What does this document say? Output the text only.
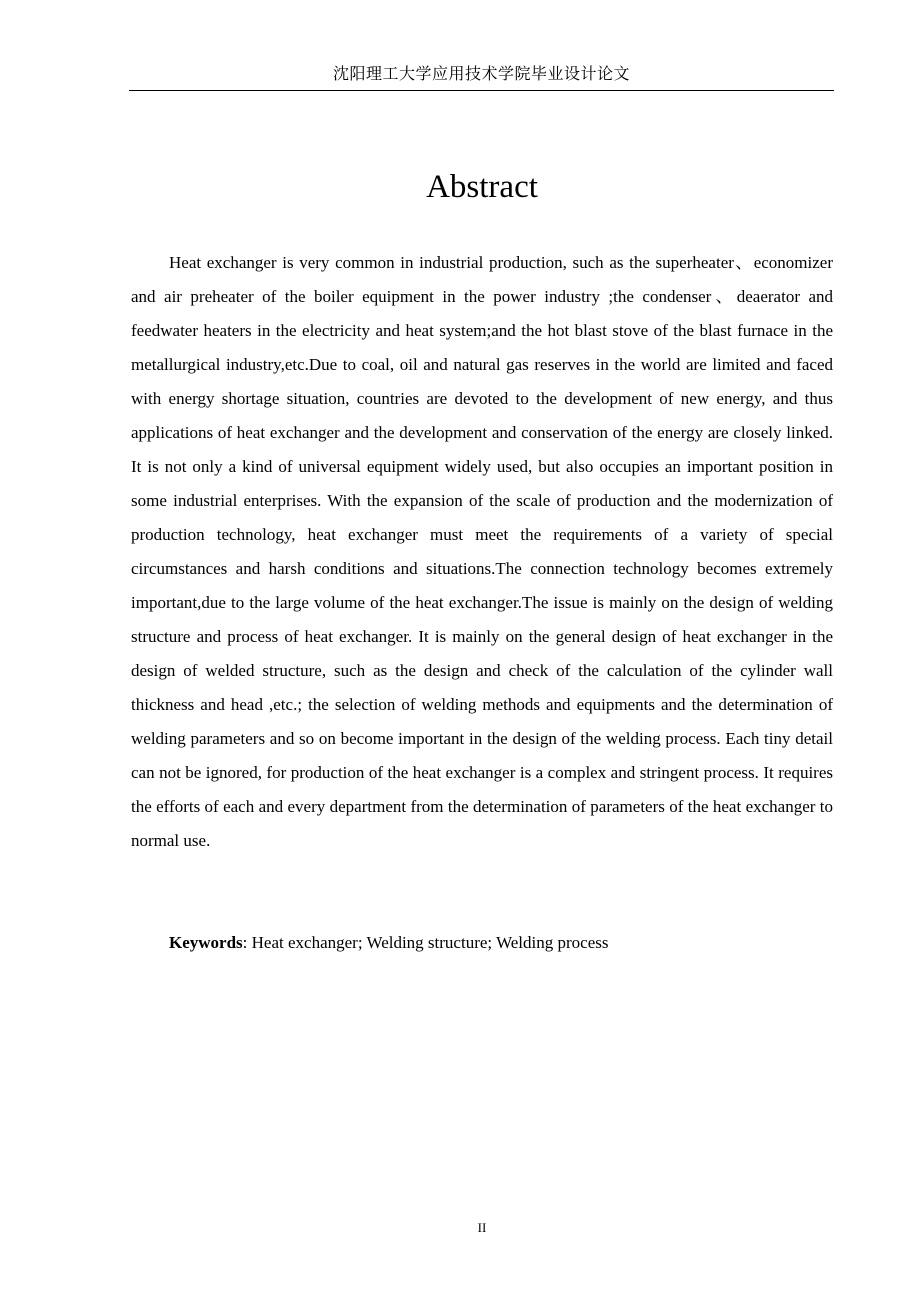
沈阳理工大学应用技术学院毕业设计论文
Abstract

Heat exchanger is very common in industrial production, such as the superheater、economizer and air preheater of the boiler equipment in the power industry ;the condenser、deaerator and feedwater heaters in the electricity and heat system;and the hot blast stove of the blast furnace in the metallurgical industry,etc.Due to coal, oil and natural gas reserves in the world are limited and faced with energy shortage situation, countries are devoted to the development of new energy, and thus applications of heat exchanger and the development and conservation of the energy are closely linked. It is not only a kind of universal equipment widely used, but also occupies an important position in some industrial enterprises. With the expansion of the scale of production and the modernization of production technology, heat exchanger must meet the requirements of a variety of special circumstances and harsh conditions and situations.The connection technology becomes extremely important,due to the large volume of the heat exchanger.The issue is mainly on the design of welding structure and process of heat exchanger. It is mainly on the general design of heat exchanger in the design of welded structure, such as the design and check of the calculation of the cylinder wall thickness and head ,etc.; the selection of welding methods and equipments and the determination of welding parameters and so on become important in the design of the welding process. Each tiny detail can not be ignored, for production of the heat exchanger is a complex and stringent process. It requires the efforts of each and every department from the determination of parameters of the heat exchanger to normal use.

Keywords: Heat exchanger; Welding structure; Welding process

II
